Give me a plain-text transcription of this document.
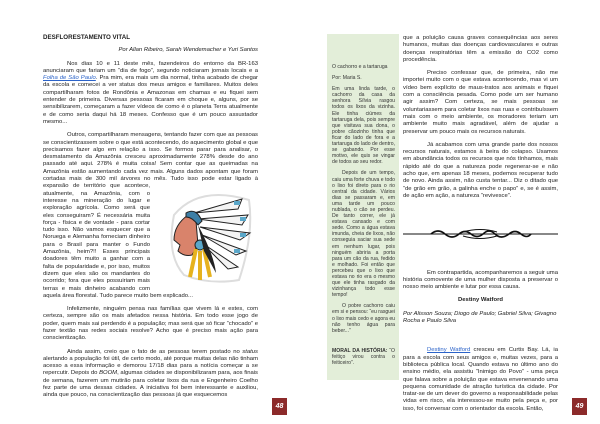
DESFLORESTAMENTO VITAL

Por Allan Ribeiro, Sarah Wendemacher e Yuri Santos

Nos dias 10 e 11 deste mês, fazendeiros do entorno da BR-163 anunciaram que fariam um “dia de fogo”, segundo noticiaram jornais locais e a Folha de São Paulo. Pra mim, era mais um dia normal, tinha acabado de chegar da escola e comecei a ver status dos meus amigos e familiares. Muitos deles compartilharam fotos de Rondônia e Amazonas em chamas e eu fiquei sem entender de primeira. Diversas pessoas ficaram em choque e, alguns, por se sensibilizarem, começaram a fazer vídeos de como é o planeta Terra atualmente e de como seria daqui há 18 meses. Confesso que é um pouco assustador mesmo...

Outros, compartilharam mensagens, tentando fazer com que as pessoas se conscientizassem sobre o que está acontecendo, do aquecimento global e que precisamos fazer algo em relação a isso. Se formos parar para analisar, o desmatamento da Amazônia cresceu aproximadamente 278% desde do ano passado até aqui. 278% é muita coisa! Sem contar que as queimadas na Amazônia estão aumentando cada vez mais. Alguns dados apontam que foram cortadas mais de 300 mil árvores no mês. Tudo isso pode estar ligado à
expansão de território que acontece, atualmente, na Amazônia, com o interesse na mineração do lugar e exploração agrícola. Como será que eles conseguiram? É necessária muita força - física e de vontade - para cortar tudo isso. Não vamos esquecer que a Noruega e Alemanha forneciam dinheiro para o Brasil para manter o Fundo Amazônia, heim?!! Esses principais doadores têm muito a ganhar com a falta de popularidade e, por isso, muitos dizem que eles são os mandantes do ocorrido; fora que eles possuiriam mais terras e mais dinheiro acabando com aquela área florestal. Tudo parece muito bem explicado...

Infelizmente, ninguém pensa nas famílias que vivem lá e estes, com certeza, sempre são os mais afetados nessa história. Em todo esse jogo de poder, quem mais sai perdendo é a população; mas será que só ficar “chocado” e fazer textão nas redes sociais resolve? Acho que é preciso mais ação para conscientização.

Ainda assim, creio que o fato de as pessoas terem postado no status alertando a população foi útil, de certo modo, até porque muitas delas não tinham acesso a essa informação e demorou 17/18 dias para a notícia começar a se repercutir. Depois do BOOM, algumas cidades se disponibilizaram para, aos finais de semana, fazerem um mutirão para coletar lixos da rua e Engenheiro Coelho fez parte de uma dessas cidades. A iniciativa foi bem interessante e auxiliou, ainda que pouco, na conscientização das pessoas já que esquecemos

48

O cachorro e a tartaruga

Por: Maria S.

Em uma linda tarde, o cachorro da casa da senhora Sílvia rasgou todos os lixos da vizinha. Ele tinha ciúmes da tartaruga dela, pois sempre que visitava sua dona, o pobre cãozinho tinha que ficar do lado de fora e a tartaruga do lado de dentro, se gabando. Por esse motivo, ele quis se vingar de todos ao seu redor.

Depois de um tempo, caiu uma forte chuva e todo o lixo foi direto para o rio central da cidade. Vários dias se passaram e, em uma tarde um pouco nublada, o cão se perdeu. De tanto correr, ele já estava cansado e com sede. Como a água estava imunda, cheia de lixos, não conseguia saciar sua sede em nenhum lugar, pois ninguém abriria a porta para um cão da rua, fedido e molhado. Foi então que percebeu que o lixo que estava no rio era o mesmo que ele tinha rasgado da vizinhança todo esse tempo!

O pobre cachorro caiu em si e pensou: “eu rasguei o lixo mais cedo e agora eu não tenho água para beber...”

MORAL DA HISTÓRIA: “O feitiço virou contra o feiticeiro”.

que a poluição causa graves consequências aos seres humanos, muitas das doenças cardiovasculares e outras doenças respiratórias têm a emissão do CO2 como procedência.

Preciso confessar que, de primeira, não me importei muito com o que estava acontecendo, mas vi um vídeo bem explícito de maus-tratos aos animais e fiquei com a consciência pesada. Como pode um ser humano agir assim? Com certeza, se mais pessoas se voluntariassem para coletar lixos nas ruas e contribuíssem mais com o meio ambiente, os moradores teriam um ambiente muito mais agradável, além de ajudar a preservar um pouco mais os recursos naturais.

Já acabamos com uma grande parte dos nossos recursos naturais, estamos à beira do colapso. Usamos em abundância todos os recursos que nós tínhamos, mais rápido até do que a natureza pode regenerar-se e não acho que, em apenas 18 meses, podemos recuperar tudo de novo. Ainda assim, não custa tentar... Diz o ditado que “de grão em grão, a galinha enche o papo” e, se é assim, de ação em ação, a natureza “revivesce”.

Em contrapartida, acompanharemos a seguir uma história comovente de uma mulher disposta a preservar o nosso meio ambiente e lutar por essa causa.

Destiny Watford

Por Alisson Souza; Diogo de Paulo; Gabriel Silva; Givagno Rocha e Paulo Silva

Destiny Watford cresceu em Curtis Bay. Lá, ia para a escola com seus amigos e, muitas vezes, para a biblioteca pública local. Quando estava no último ano do ensino médio, ela assistiu “Inimigo do Povo” - uma peça que falava sobre a poluição que estava envenenando uma pequena comunidade de atração turística da cidade. Por tratar-se de um dever do governo a responsabilidade pelas vidas em risco, ela interessou-se muito pela peça e, por isso, foi conversar com o orientador da escola. Então,	49
